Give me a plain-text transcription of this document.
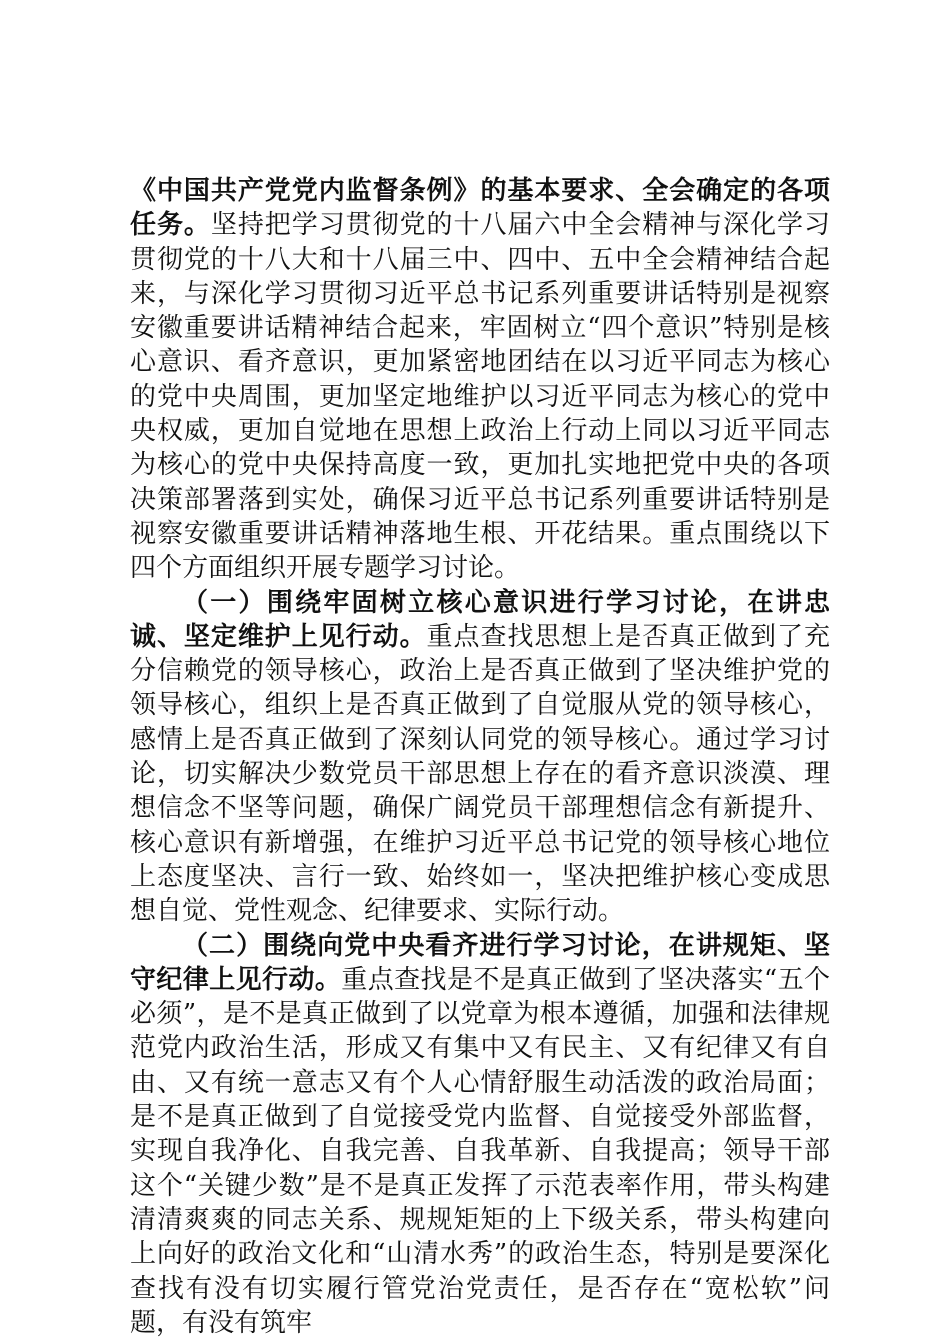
《中国共产党党内监督条例》的基本要求、全会确定的各项任务。坚持把学习贯彻党的十八届六中全会精神与深化学习贯彻党的十八大和十八届三中、四中、五中全会精神结合起来，与深化学习贯彻习近平总书记系列重要讲话特别是视察安徽重要讲话精神结合起来，牢固树立“四个意识”特别是核心意识、看齐意识，更加紧密地团结在以习近平同志为核心的党中央周围，更加坚定地维护以习近平同志为核心的党中央权威，更加自觉地在思想上政治上行动上同以习近平同志为核心的党中央保持高度一致，更加扎实地把党中央的各项决策部署落到实处，确保习近平总书记系列重要讲话特别是视察安徽重要讲话精神落地生根、开花结果。重点围绕以下四个方面组织开展专题学习讨论。

（一）围绕牢固树立核心意识进行学习讨论，在讲忠诚、坚定维护上见行动。重点查找思想上是否真正做到了充分信赖党的领导核心，政治上是否真正做到了坚决维护党的领导核心，组织上是否真正做到了自觉服从党的领导核心，感情上是否真正做到了深刻认同党的领导核心。通过学习讨论，切实解决少数党员干部思想上存在的看齐意识淡漠、理想信念不坚等问题，确保广阔党员干部理想信念有新提升、核心意识有新增强，在维护习近平总书记党的领导核心地位上态度坚决、言行一致、始终如一，坚决把维护核心变成思想自觉、党性观念、纪律要求、实际行动。

（二）围绕向党中央看齐进行学习讨论，在讲规矩、坚守纪律上见行动。重点查找是不是真正做到了坚决落实“五个必须”，是不是真正做到了以党章为根本遵循，加强和法律规范党内政治生活，形成又有集中又有民主、又有纪律又有自由、又有统一意志又有个人心情舒服生动活泼的政治局面；是不是真正做到了自觉接受党内监督、自觉接受外部监督，实现自我净化、自我完善、自我革新、自我提高；领导干部这个“关键少数”是不是真正发挥了示范表率作用，带头构建清清爽爽的同志关系、规规矩矩的上下级关系，带头构建向上向好的政治文化和“山清水秀”的政治生态，特别是要深化查找有没有切实履行管党治党责任，是否存在“宽松软”问题，有没有筑牢
